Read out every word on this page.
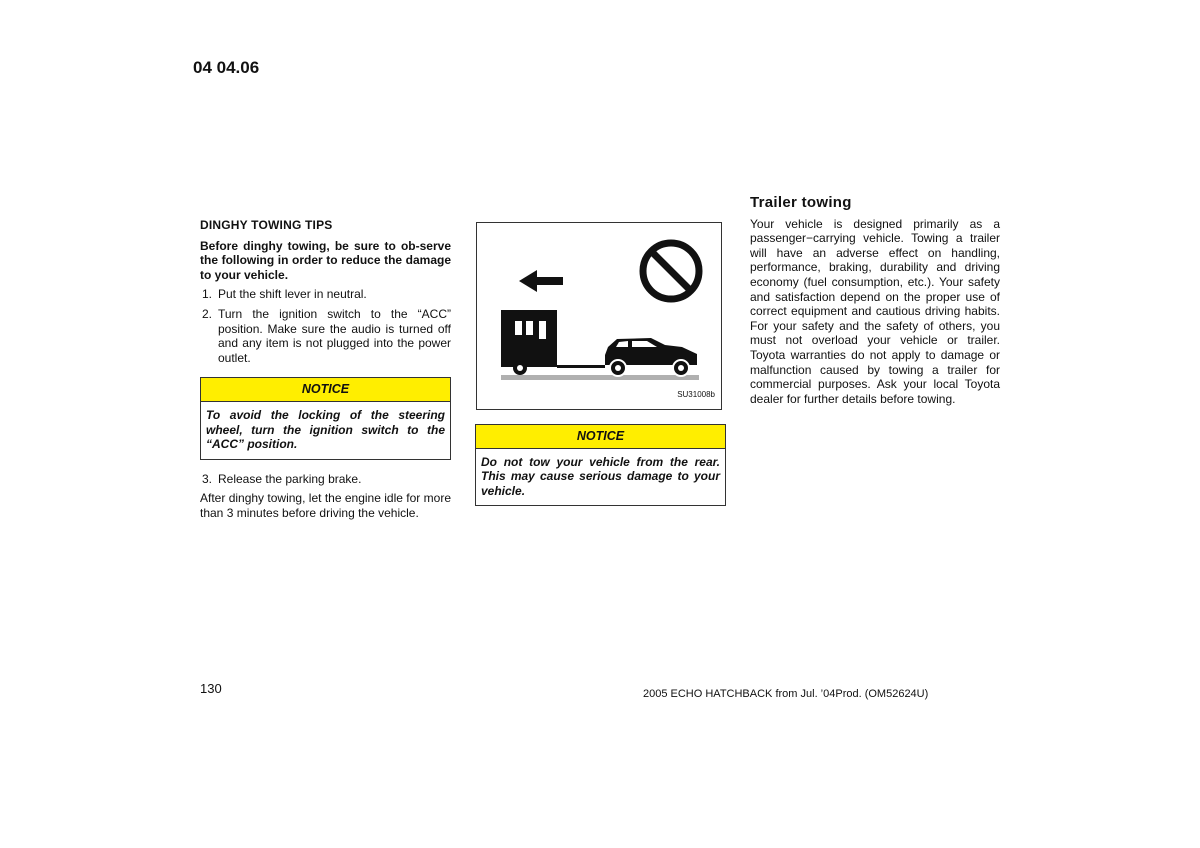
04 04.06
DINGHY TOWING TIPS

Before dinghy towing, be sure to ob-serve the following in order to reduce the damage to your vehicle.

1. Put the shift lever in neutral.
2. Turn the ignition switch to the “ACC” position. Make sure the audio is turned off and any item is not plugged into the power outlet.
NOTICE
To avoid the locking of the steering wheel, turn the ignition switch to the “ACC” position.
3. Release the parking brake.

After dinghy towing, let the engine idle for more than 3 minutes before driving the vehicle.

SU31008b
NOTICE
Do not tow your vehicle from the rear. This may cause serious damage to your vehicle.
Trailer towing

Your vehicle is designed primarily as a passenger−carrying vehicle. Towing a trailer will have an adverse effect on handling, performance, braking, durability and driving economy (fuel consumption, etc.). Your safety and satisfaction depend on the proper use of correct equipment and cautious driving habits. For your safety and the safety of others, you must not overload your vehicle or trailer. Toyota warranties do not apply to damage or malfunction caused by towing a trailer for commercial purposes. Ask your local Toyota dealer for further details before towing.

130	2005 ECHO HATCHBACK from Jul. ’04Prod. (OM52624U)
